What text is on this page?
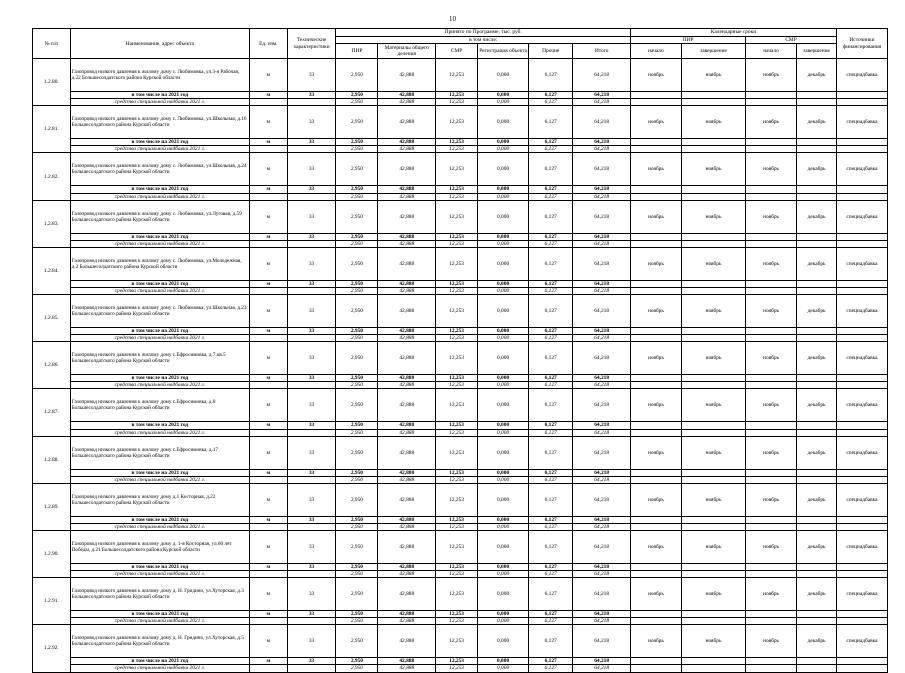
10
№ п/п	Наименование, адрес объекта	Ед. изм.	Технические характеристики	Принято по Программе, тыс. руб.						Календарные сроки				Источники финансирования
				в том числе:						ПИР		СМР		
				ПИР	Материалы общего деления	СМР	Регистрация объекта	Прочие	Итого	начало	завершение	начало	завершение	

1.2.80.	Газопровод низкого давления к жилому дому с. Любимовка, ул.3-я Рабочая, д.22 Большесолдатского района Курской области	м	33	2,950	42,888	12,253	0,000	6,127	64,218	ноябрь	ноябрь	ноябрь	декабрь	спецнадбавка
	в том числе на 2021 год	м	33	2,950	42,888	12,253	0,000	6,127	64,218					
	средства специальной надбавки 2021 г.			2,950	42,888	12,253	0,000	6,127	64,218					
1.2.81.	Газопровод низкого давления к жилому дому с. Любимовка, ул.Школьная, д.16 Большесолдатского района Курской области	м	33	2,950	42,888	12,253	0,000	6,127	64,218	ноябрь	ноябрь	ноябрь	декабрь	спецнадбавка
	в том числе на 2021 год	м	33	2,950	42,888	12,253	0,000	6,127	64,218					
	средства специальной надбавки 2021 г.			2,950	42,888	12,253	0,000	6,127	64,218					
1.2.82.	Газопровод низкого давления к жилому дому с. Любимовка, ул.Школьная, д.24 Большесолдатского района Курской области	м	33	2,950	42,888	12,253	0,000	6,127	64,218	ноябрь	ноябрь	ноябрь	декабрь	спецнадбавка
	в том числе на 2021 год	м	33	2,950	42,888	12,253	0,000	6,127	64,218					
	средства специальной надбавки 2021 г.			2,950	42,888	12,253	0,000	6,127	64,218					
1.2.83.	Газопровод низкого давления к жилому дому с. Любимовка, ул.Луговая, д.59 Большесолдатского района Курской области	м	33	2,950	42,888	12,253	0,000	6,127	64,218	ноябрь	ноябрь	ноябрь	декабрь	спецнадбавка
	в том числе на 2021 год	м	33	2,950	42,888	12,253	0,000	6,127	64,218					
	средства специальной надбавки 2021 г.			2,950	42,888	12,253	0,000	6,127	64,218					
1.2.84.	Газопровод низкого давления к жилому дому с. Любимовка, ул.Молодежная, д.2 Большесолдатского района Курской области	м	33	2,950	42,888	12,253	0,000	6,127	64,218	ноябрь	ноябрь	ноябрь	декабрь	спецнадбавка
	в том числе на 2021 год	м	33	2,950	42,888	12,253	0,000	6,127	64,218					
	средства специальной надбавки 2021 г.			2,950	42,888	12,253	0,000	6,127	64,218					
1.2.85.	Газопровод низкого давления к жилому дому с. Любимовка, ул.Школьная, д.23 Большесолдатского района Курской области	м	33	2,950	42,888	12,253	0,000	6,127	64,218	ноябрь	ноябрь	ноябрь	декабрь	спецнадбавка
	в том числе на 2021 год	м	33	2,950	42,888	12,253	0,000	6,127	64,218					
	средства специальной надбавки 2021 г.			2,950	42,888	12,253	0,000	6,127	64,218					
1.2.86.	Газопровод низкого давления к жилому дому с.Ефросимовка, д.7 кв.5 Большесолдатского района Курской области	м	33	2,950	42,888	12,253	0,000	6,127	64,218	ноябрь	ноябрь	ноябрь	декабрь	спецнадбавка
	в том числе на 2021 год	м	33	2,950	42,888	12,253	0,000	6,127	64,218					
	средства специальной надбавки 2021 г.			2,950	42,888	12,253	0,000	6,127	64,218					
1.2.87.	Газопровод низкого давления к жилому дому с.Ефросимовка, д.8 Большесолдатского района Курской области	м	33	2,950	42,888	12,253	0,000	6,127	64,218	ноябрь	ноябрь	ноябрь	декабрь	спецнадбавка
	в том числе на 2021 год	м	33	2,950	42,888	12,253	0,000	6,127	64,218					
	средства специальной надбавки 2021 г.			2,950	42,888	12,253	0,000	6,127	64,218					
1.2.88.	Газопровод низкого давления к жилому дому с.Ефросимовка, д.17 Большесолдатского района Курской области	м	33	2,950	42,888	12,253	0,000	6,127	64,218	ноябрь	ноябрь	ноябрь	декабрь	спецнадбавка
	в том числе на 2021 год	м	33	2,950	42,888	12,253	0,000	6,127	64,218					
	средства специальной надбавки 2021 г.			2,950	42,888	12,253	0,000	6,127	64,218					
1.2.89.	Газопровод низкого давления к жилому дому д.1 Косторная, д.22 Большесолдатского района Курской области	м	33	2,950	42,888	12,253	0,000	6,127	64,218	ноябрь	ноябрь	ноябрь	декабрь	спецнадбавка
	в том числе на 2021 год	м	33	2,950	42,888	12,253	0,000	6,127	64,218					
	средства специальной надбавки 2021 г.			2,950	42,888	12,253	0,000	6,127	64,218					
1.2.90.	Газопровод низкого давления к жилому дому д. 1-я Косторная, ул.60 лет Победы, д.21 Большесолдатского района Курской области	м	33	2,950	42,888	12,253	0,000	6,127	64,218	ноябрь	ноябрь	ноябрь	декабрь	спецнадбавка
	в том числе на 2021 год	м	33	2,950	42,888	12,253	0,000	6,127	64,218					
	средства специальной надбавки 2021 г.			2,950	42,888	12,253	0,000	6,127	64,218					
1.2.91.	Газопровод низкого давления к жилому дому д. Н. Гридино, ул.Хуторская, д.3 Большесолдатского района Курской области	м	33	2,950	42,888	12,253	0,000	6,127	64,218	ноябрь	ноябрь	ноябрь	декабрь	спецнадбавка
	в том числе на 2021 год	м	33	2,950	42,888	12,253	0,000	6,127	64,218					
	средства специальной надбавки 2021 г.			2,950	42,888	12,253	0,000	6,127	64,218					
1.2.92.	Газопровод низкого давления к жилому дому д. Н. Гридино, ул.Хуторская, д.5 Большесолдатского района Курской области	м	33	2,950	42,888	12,253	0,000	6,127	64,218	ноябрь	ноябрь	ноябрь	декабрь	спецнадбавка
	в том числе на 2021 год	м	33	2,950	42,888	12,253	0,000	6,127	64,218					
	средства специальной надбавки 2021 г.			2,950	42,888	12,253	0,000	6,127	64,218					
